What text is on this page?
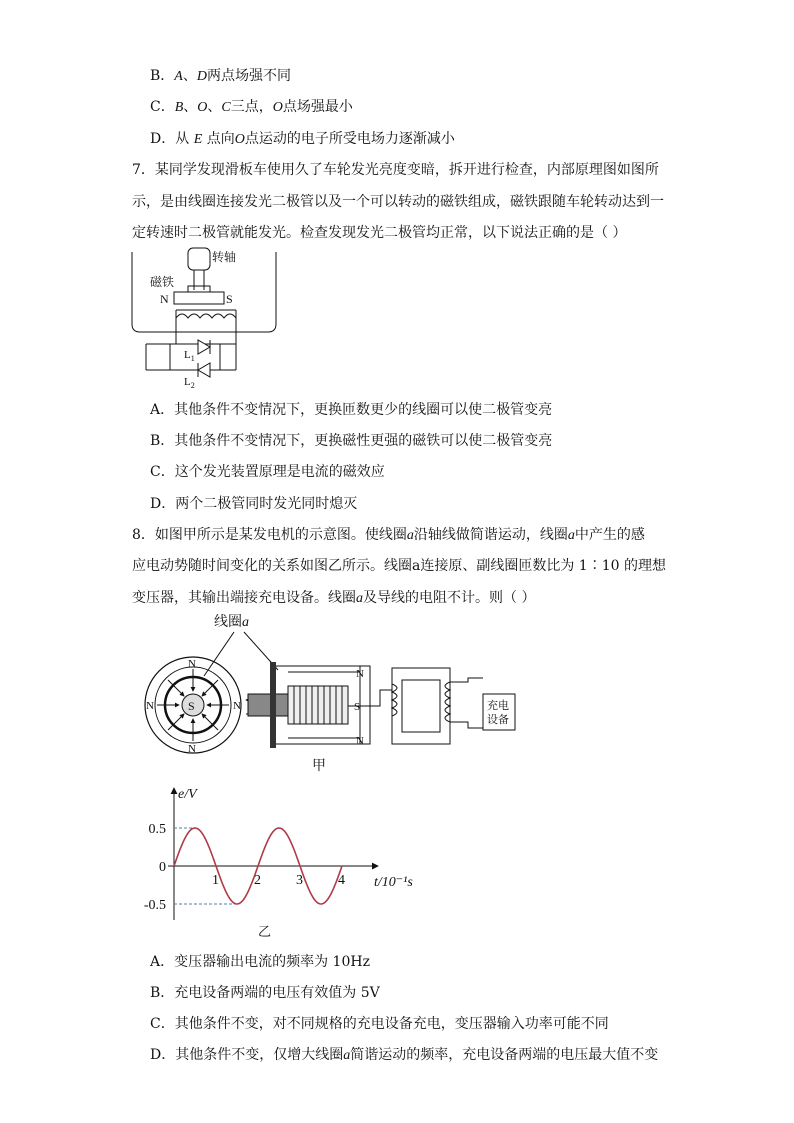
B．A、D两点场强不同
C．B、O、C三点，O点场强最小
D．从 E 点向O点运动的电子所受电场力逐渐减小
7．某同学发现滑板车使用久了车轮发光亮度变暗，拆开进行检查，内部原理图如图所
示，是由线圈连接发光二极管以及一个可以转动的磁铁组成，磁铁跟随车轮转动达到一
定转速时二极管就能发光。检查发现发光二极管均正常，以下说法正确的是（ ）
转轴
磁铁
N	S
$L_1$
$L_2$
A．其他条件不变情况下，更换匝数更少的线圈可以使二极管变亮
B．其他条件不变情况下，更换磁性更强的磁铁可以使二极管变亮
C．这个发光装置原理是电流的磁效应
D．两个二极管同时发光同时熄灭
8．如图甲所示是某发电机的示意图。使线圈a沿轴线做简谐运动，线圈a中产生的感
应电动势随时间变化的关系如图乙所示。线圈a连接原、副线圈匝数比为 1∶10 的理想
变压器，其输出端接充电设备。线圈a及导线的电阻不计。则（ ）
线圈a
S
N
N
N	N
N
S
N
充电
设备
甲
e/V
t/10⁻¹s
0.5
0
-0.5
1	2	3	4
乙
A．变压器输出电流的频率为 10Hz
B．充电设备两端的电压有效值为 5V
C．其他条件不变，对不同规格的充电设备充电，变压器输入功率可能不同
D．其他条件不变，仅增大线圈a简谐运动的频率，充电设备两端的电压最大值不变
